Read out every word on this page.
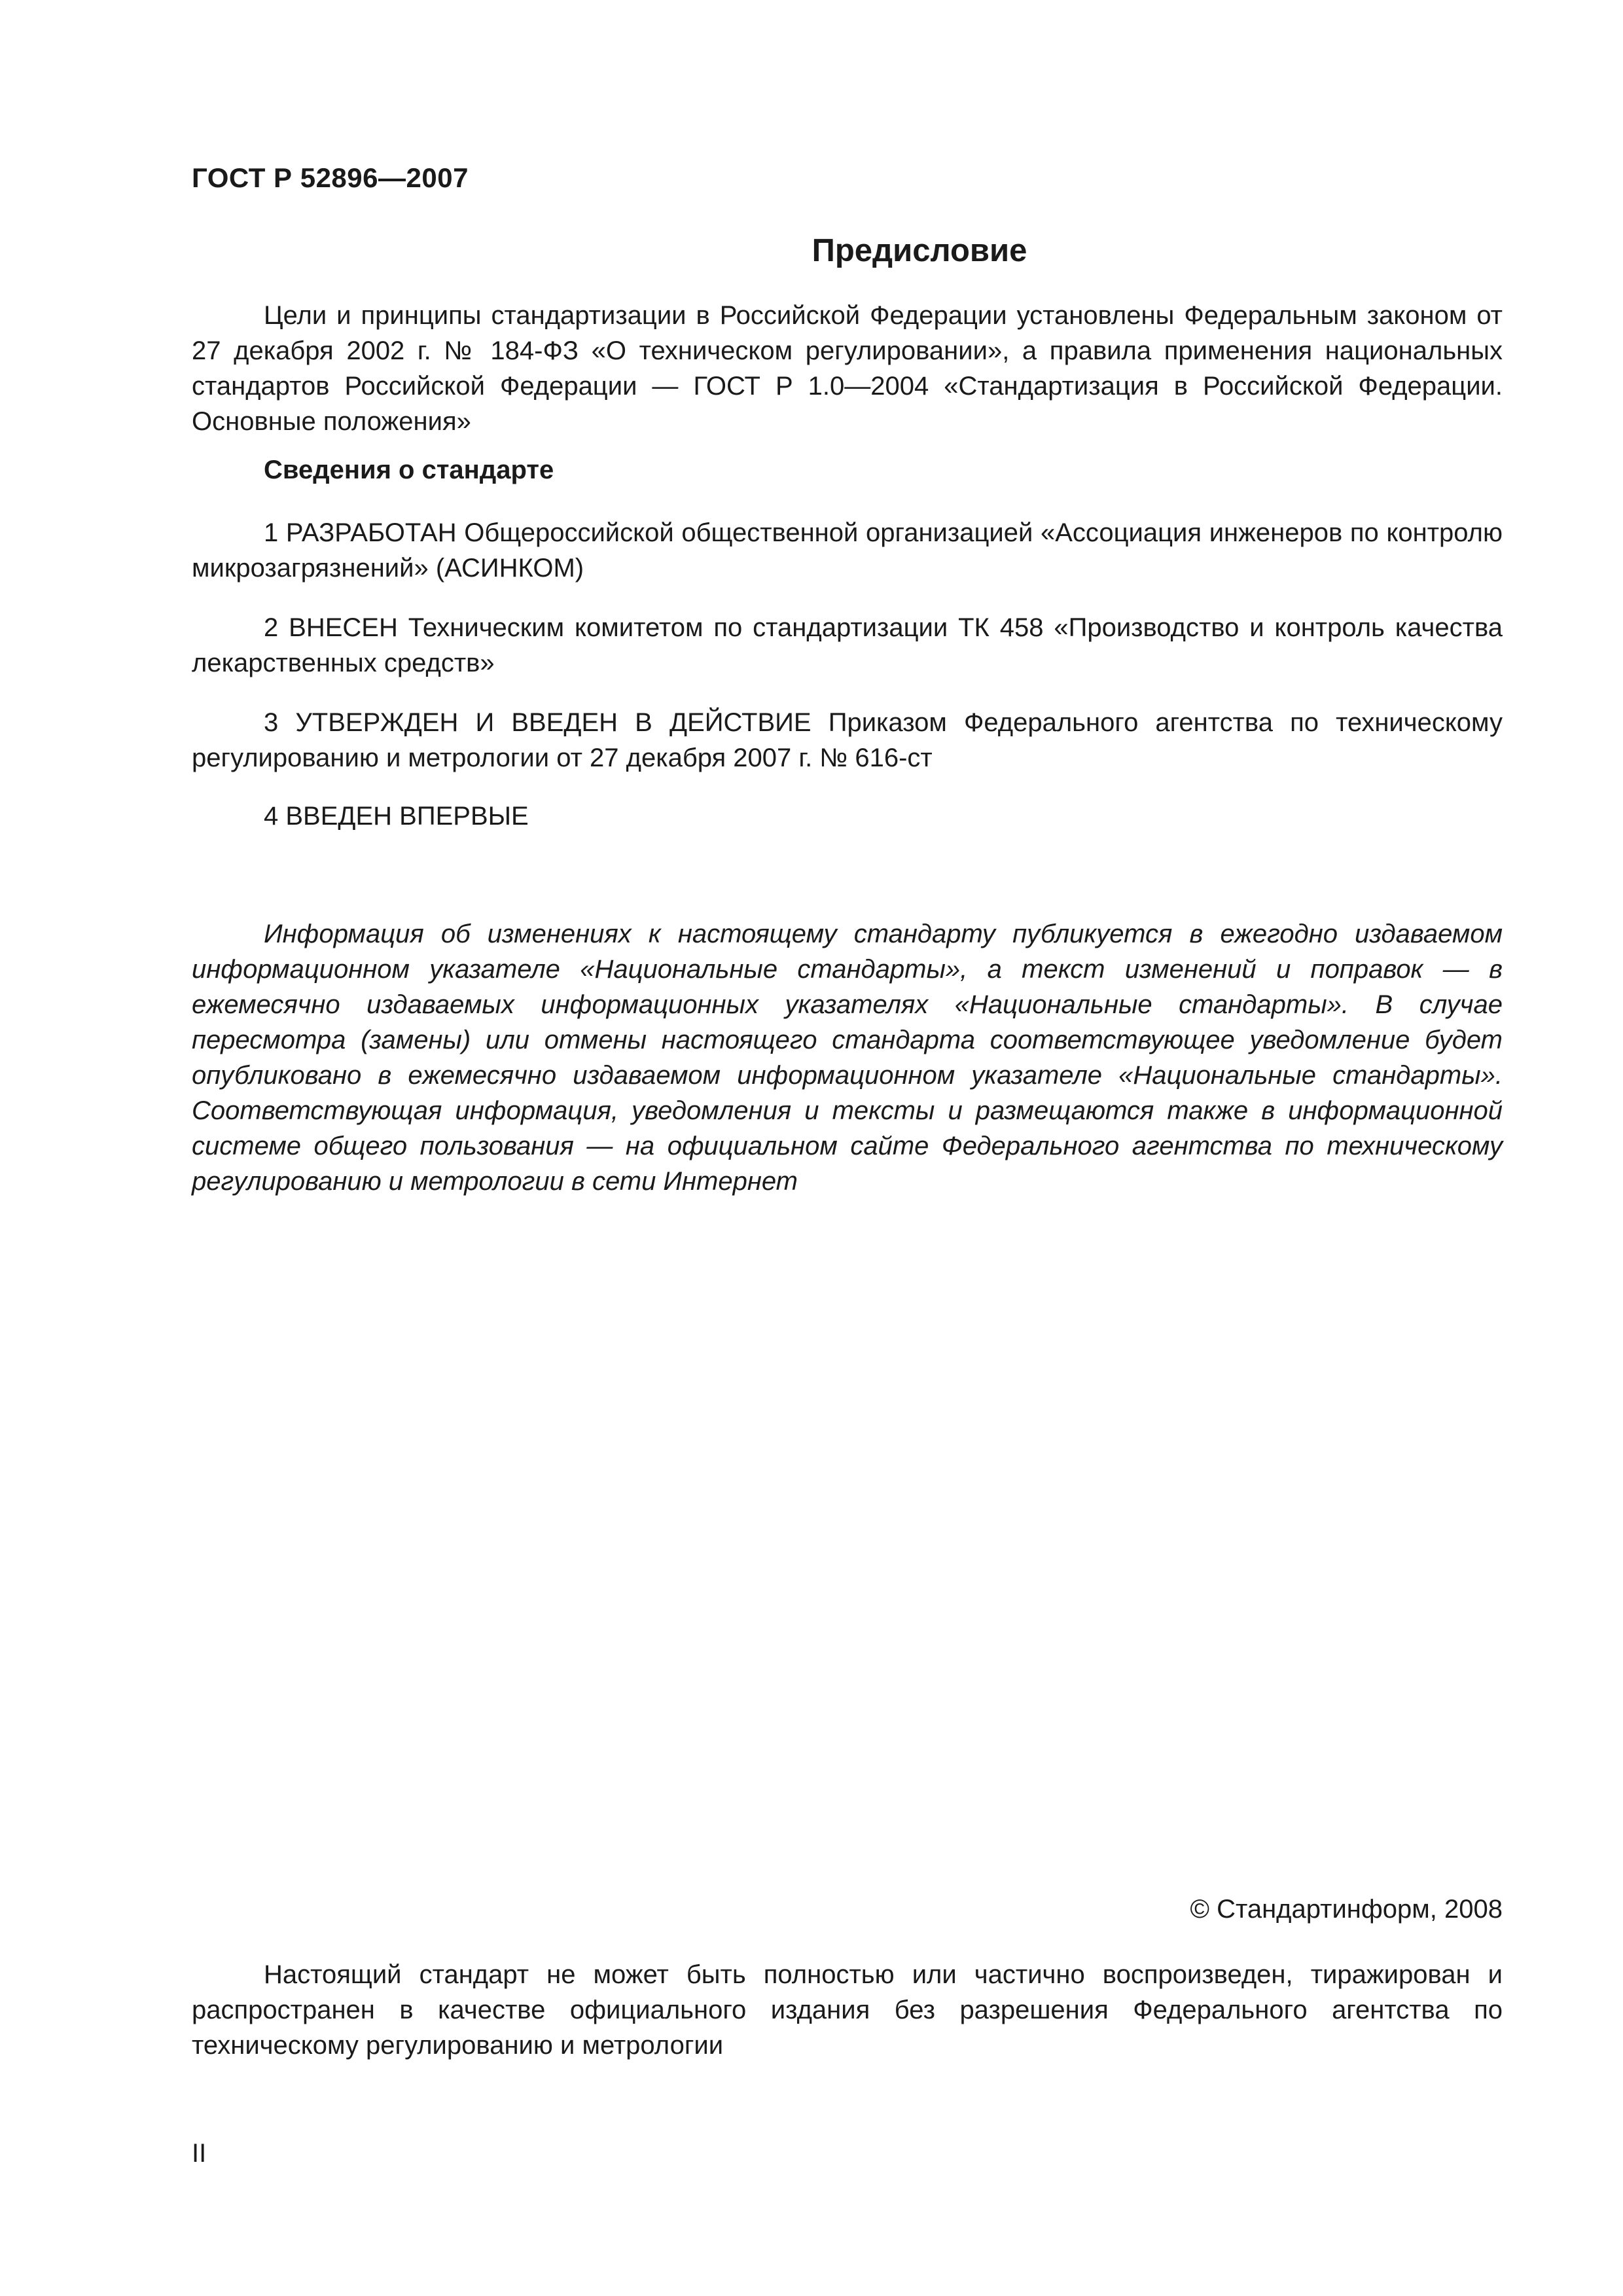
ГОСТ Р 52896—2007
Предисловие

Цели и принципы стандартизации в Российской Федерации установлены Федеральным законом от 27 декабря 2002 г. № 184-ФЗ «О техническом регулировании», а правила применения национальных стандартов Российской Федерации — ГОСТ Р 1.0—2004 «Стандартизация в Российской Федерации. Основные положения»

Сведения о стандарте

1 РАЗРАБОТАН Общероссийской общественной организацией «Ассоциация инженеров по контролю микрозагрязнений» (АСИНКОМ)

2 ВНЕСЕН Техническим комитетом по стандартизации ТК 458 «Производство и контроль качества лекарственных средств»

3 УТВЕРЖДЕН И ВВЕДЕН В ДЕЙСТВИЕ Приказом Федерального агентства по техническому регулированию и метрологии от 27 декабря 2007 г. № 616-ст

4 ВВЕДЕН ВПЕРВЫЕ

Информация об изменениях к настоящему стандарту публикуется в ежегодно издаваемом информационном указателе «Национальные стандарты», а текст изменений и поправок — в ежемесячно издаваемых информационных указателях «Национальные стандарты». В случае пересмотра (замены) или отмены настоящего стандарта соответствующее уведомление будет опубликовано в ежемесячно издаваемом информационном указателе «Национальные стандарты». Соответствующая информация, уведомления и тексты и размещаются также в информационной системе общего пользования — на официальном сайте Федерального агентства по техническому регулированию и метрологии в сети Интернет

© Стандартинформ, 2008

Настоящий стандарт не может быть полностью или частично воспроизведен, тиражирован и распространен в качестве официального издания без разрешения Федерального агентства по техническому регулированию и метрологии

II
